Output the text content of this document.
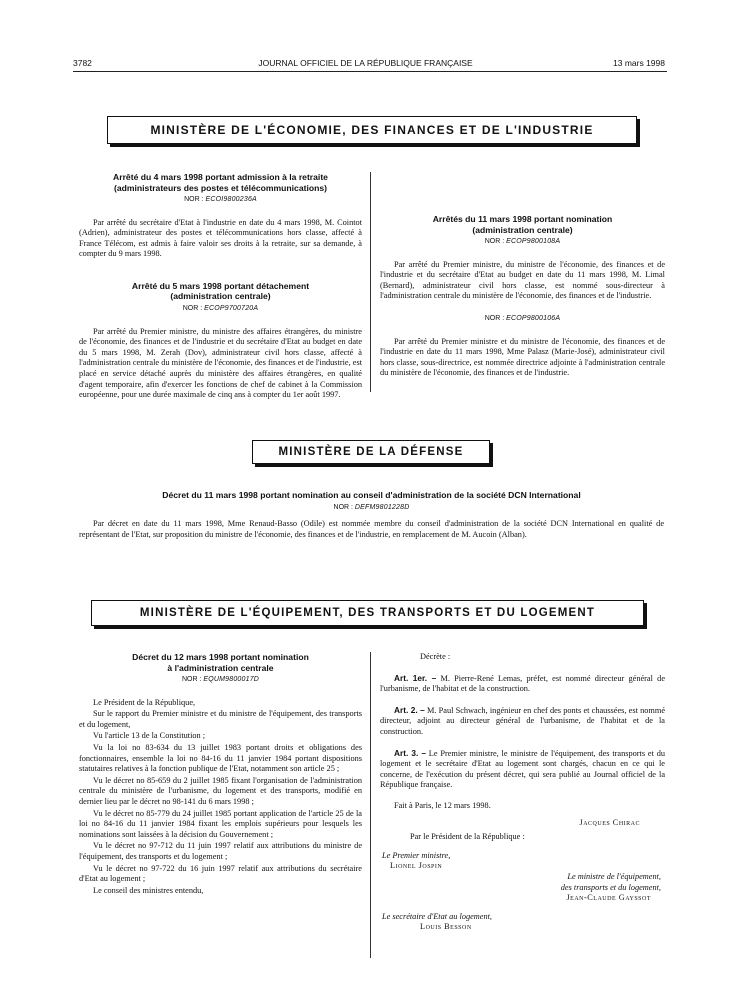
3782	JOURNAL OFFICIEL DE LA RÉPUBLIQUE FRANÇAISE	13 mars 1998
MINISTÈRE DE L'ÉCONOMIE, DES FINANCES ET DE L'INDUSTRIE
Arrêté du 4 mars 1998 portant admission à la retraite
(administrateurs des postes et télécommunications)
NOR : ECOI9800236A

Par arrêté du secrétaire d'Etat à l'industrie en date du 4 mars 1998, M. Cointot (Adrien), administrateur des postes et télécommunications hors classe, affecté à France Télécom, est admis à faire valoir ses droits à la retraite, sur sa demande, à compter du 9 mars 1998.

Arrêté du 5 mars 1998 portant détachement
(administration centrale)
NOR : ECOP9700720A

Par arrêté du Premier ministre, du ministre des affaires étrangères, du ministre de l'économie, des finances et de l'industrie et du secrétaire d'Etat au budget en date du 5 mars 1998, M. Zerah (Dov), administrateur civil hors classe, affecté à l'administration centrale du ministère de l'économie, des finances et de l'industrie, est placé en service détaché auprès du ministère des affaires étrangères, en qualité d'agent temporaire, afin d'exercer les fonctions de chef de cabinet à la Commission européenne, pour une durée maximale de cinq ans à compter du 1er août 1997.

Arrêtés du 11 mars 1998 portant nomination
(administration centrale)
NOR : ECOP9800108A

Par arrêté du Premier ministre, du ministre de l'économie, des finances et de l'industrie et du secrétaire d'Etat au budget en date du 11 mars 1998, M. Limal (Bernard), administrateur civil hors classe, est nommé sous-directeur à l'administration centrale du ministère de l'économie, des finances et de l'industrie.

NOR : ECOP9800106A

Par arrêté du Premier ministre et du ministre de l'économie, des finances et de l'industrie en date du 11 mars 1998, Mme Palasz (Marie-José), administrateur civil hors classe, sous-directrice, est nommée directrice adjointe à l'administration centrale du ministère de l'économie, des finances et de l'industrie.

MINISTÈRE DE LA DÉFENSE
Décret du 11 mars 1998 portant nomination au conseil d'administration de la société DCN International
NOR : DEFM9801228D

Par décret en date du 11 mars 1998, Mme Renaud-Basso (Odile) est nommée membre du conseil d'administration de la société DCN International en qualité de représentant de l'Etat, sur proposition du ministre de l'économie, des finances et de l'industrie, en remplacement de M. Aucoin (Alban).

MINISTÈRE DE L'ÉQUIPEMENT, DES TRANSPORTS ET DU LOGEMENT
Décret du 12 mars 1998 portant nomination
à l'administration centrale
NOR : EQUM9800017D

Le Président de la République,

Sur le rapport du Premier ministre et du ministre de l'équipement, des transports et du logement,

Vu l'article 13 de la Constitution ;

Vu la loi no 83-634 du 13 juillet 1983 portant droits et obligations des fonctionnaires, ensemble la loi no 84-16 du 11 janvier 1984 portant dispositions statutaires relatives à la fonction publique de l'Etat, notamment son article 25 ;

Vu le décret no 85-659 du 2 juillet 1985 fixant l'organisation de l'administration centrale du ministère de l'urbanisme, du logement et des transports, modifié en dernier lieu par le décret no 98-141 du 6 mars 1998 ;

Vu le décret no 85-779 du 24 juillet 1985 portant application de l'article 25 de la loi no 84-16 du 11 janvier 1984 fixant les emplois supérieurs pour lesquels les nominations sont laissées à la décision du Gouvernement ;

Vu le décret no 97-712 du 11 juin 1997 relatif aux attributions du ministre de l'équipement, des transports et du logement ;

Vu le décret no 97-722 du 16 juin 1997 relatif aux attributions du secrétaire d'Etat au logement ;

Le conseil des ministres entendu,

Décrète :

Art. 1er. – M. Pierre-René Lemas, préfet, est nommé directeur général de l'urbanisme, de l'habitat et de la construction.

Art. 2. – M. Paul Schwach, ingénieur en chef des ponts et chaussées, est nommé directeur, adjoint au directeur général de l'urbanisme, de l'habitat et de la construction.

Art. 3. – Le Premier ministre, le ministre de l'équipement, des transports et du logement et le secrétaire d'Etat au logement sont chargés, chacun en ce qui le concerne, de l'exécution du présent décret, qui sera publié au Journal officiel de la République française.

Fait à Paris, le 12 mars 1998.

Jacques Chirac
Par le Président de la République :
Le Premier ministre,
Lionel Jospin
Le ministre de l'équipement,
des transports et du logement,
Jean-Claude Gayssot
Le secrétaire d'Etat au logement,
Louis Besson
